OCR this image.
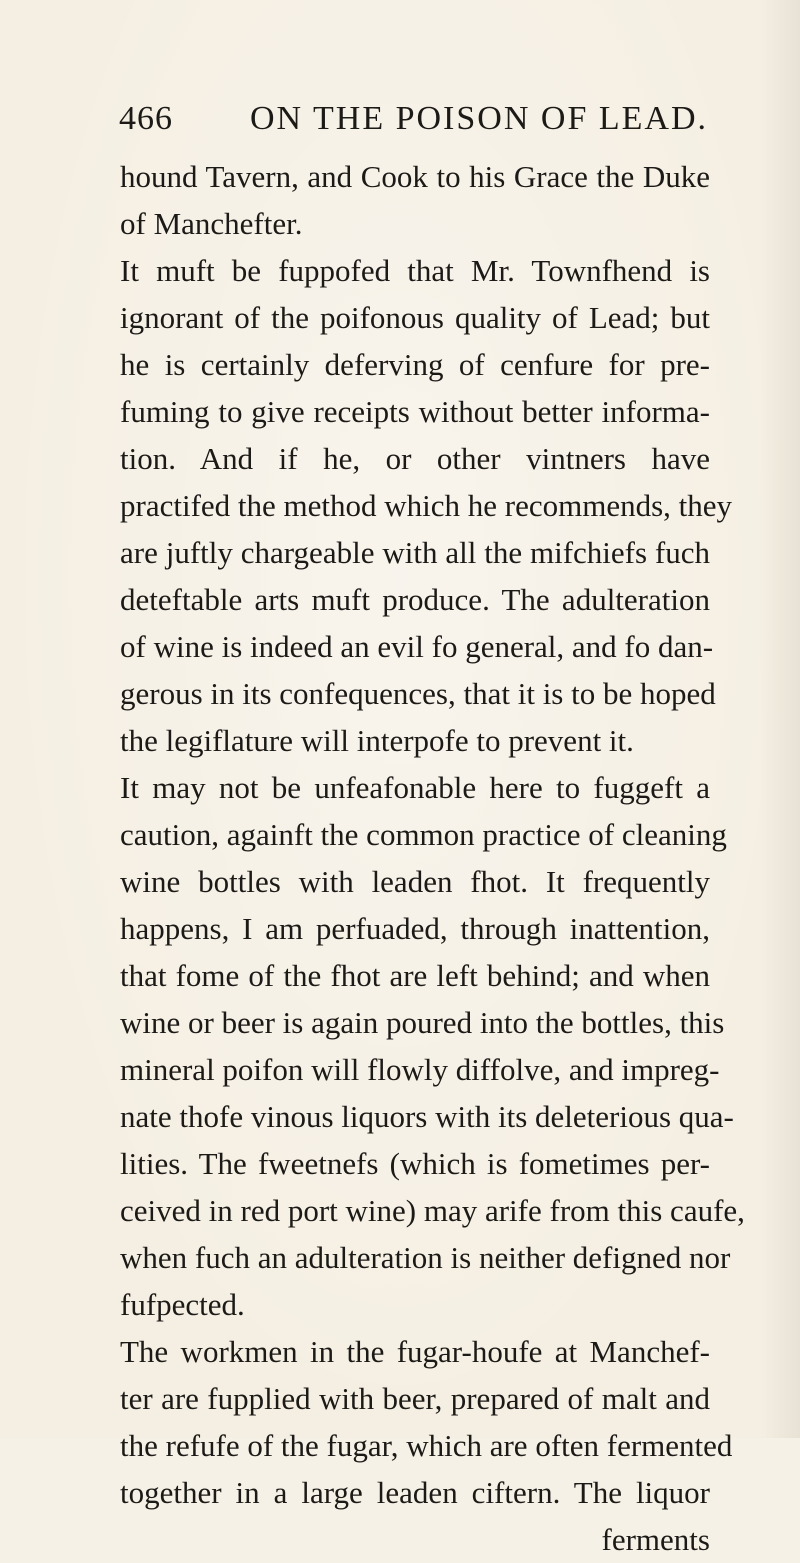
466 ON THE POISON OF LEAD.
hound Tavern, and Cook to his Grace the Duke
of Manchefter.
It muft be fuppofed that Mr. Townfhend is
ignorant of the poifonous quality of Lead; but
he is certainly deferving of cenfure for pre-
fuming to give receipts without better informa-
tion. And if he, or other vintners have
practifed the method which he recommends, they
are juftly chargeable with all the mifchiefs fuch
deteftable arts muft produce. The adulteration
of wine is indeed an evil fo general, and fo dan-
gerous in its confequences, that it is to be hoped
the legiflature will interpofe to prevent it.
It may not be unfeafonable here to fuggeft a
caution, againft the common practice of cleaning
wine bottles with leaden fhot. It frequently
happens, I am perfuaded, through inattention,
that fome of the fhot are left behind; and when
wine or beer is again poured into the bottles, this
mineral poifon will flowly diffolve, and impreg-
nate thofe vinous liquors with its deleterious qua-
lities. The fweetnefs (which is fometimes per-
ceived in red port wine) may arife from this caufe,
when fuch an adulteration is neither defigned nor
fufpected.
The workmen in the fugar-houfe at Manchef-
ter are fupplied with beer, prepared of malt and
the refufe of the fugar, which are often fermented
together in a large leaden ciftern. The liquor
ferments
